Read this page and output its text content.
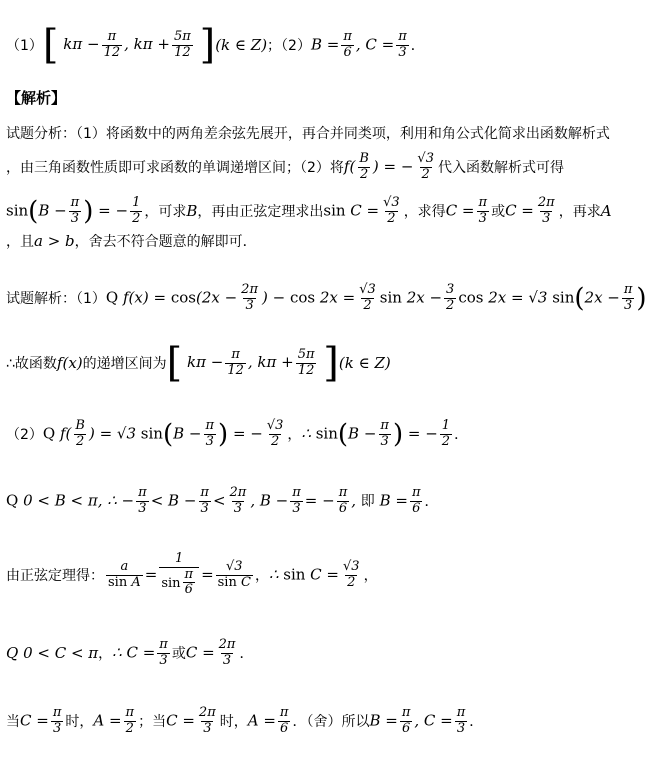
（1） [ $k\pi - \frac{\pi}{12}$ , $k\pi + \frac{5\pi}{12}$ ] (k ∈ Z) ；（2） $B = \frac{\pi}{6}$ , $C = \frac{\pi}{3}$ ．
【解析】
试题分析：（1）将函数中的两角差余弦先展开，再合并同类项，利用和角公式化简求出函数解析式
，由三角函数性质即可求函数的单调递增区间；（2）将 $f( \frac{B}{2}$ ) = − $\frac{√3}{2}$ 代入函数解析式可得
$\sin(B - \frac{\pi}{3}$ ) = − $\frac{1}{2}$ ，可求 B ，再由正弦定理求出 $\sin C = \frac{√3}{2}$ ，求得 $C = \frac{\pi}{3}$ 或 $C = \frac{2\pi}{3}$ ，再求 A
，且 a > b ，舍去不符合题意的解即可．
试题解析：（1） Q $f(x) = \cos(2x - \frac{2\pi}{3}$ ) − $\cos 2x = \frac{√3}{2}$ $\sin 2x - \frac{3}{2}$ cos 2x = √3 $\sin(2x - \frac{\pi}{3}$ )
∴故函数 f(x) 的递增区间为 [ $k\pi - \frac{\pi}{12}$ , $k\pi + \frac{5\pi}{12}$ ] (k ∈ Z)
（2） Q $f( \frac{B}{2}$ ) = √3 $\sin(B - \frac{\pi}{3}$ ) = − $\frac{√3}{2}$ ， ∴ $\sin(B - \frac{\pi}{3}$ ) = − $\frac{1}{2}$ ．
Q 0 < B < π, ∴ − $\frac{\pi}{3} < B - \frac{\pi}{3} < \frac{2\pi}{3}$ , $B - \frac{\pi}{3}$ = − $\frac{\pi}{6}$ , 即 $B = \frac{\pi}{6}$ ．
由正弦定理得： $\frac{a}{\text{sin A}} = \frac{1}{\sin \frac{\pi}{6}} = \frac{√3}{\text{sin C}}$ ， ∴ $\sin C = \frac{√3}{2}$ ，
Q 0 < C < π ， ∴ $C = \frac{\pi}{3}$ 或 $C = \frac{2\pi}{3}$ ．
当 $C = \frac{\pi}{3}$ 时， $A = \frac{\pi}{2}$ ；当 $C = \frac{2\pi}{3}$ 时， $A = \frac{\pi}{6}$ ．（舍）所以 $B = \frac{\pi}{6}$ , $C = \frac{\pi}{3}$ ．
